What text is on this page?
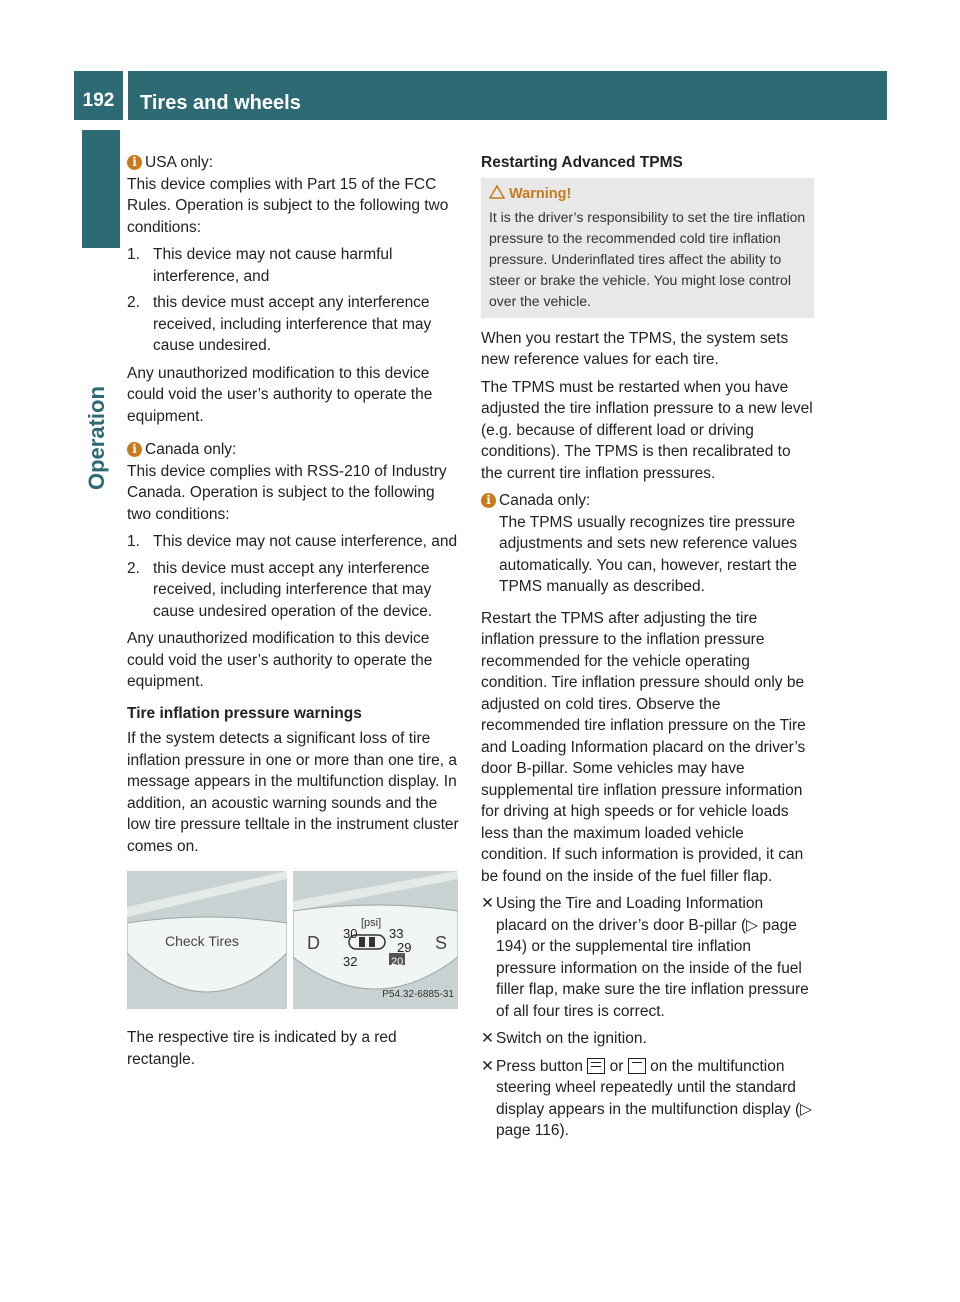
192	Tires and wheels
Operation
i USA only:

This device complies with Part 15 of the FCC Rules. Operation is subject to the following two conditions:

1. This device may not cause harmful interference, and
2. this device must accept any interference received, including interference that may cause undesired.

Any unauthorized modification to this device could void the user’s authority to operate the equipment.

i Canada only:

This device complies with RSS-210 of Industry Canada. Operation is subject to the following two conditions:

1. This device may not cause interference, and
2. this device must accept any interference received, including interference that may cause undesired operation of the device.

Any unauthorized modification to this device could void the user’s authority to operate the equipment.

Tire inflation pressure warnings

If the system detects a significant loss of tire inflation pressure in one or more than one tire, a message appears in the multifunction display. In addition, an acoustic warning sounds and the low tire pressure telltale in the instrument cluster comes on.

Check Tires
[psi]
30 33
29
32	20
D	S
P54.32-6885-31

The respective tire is indicated by a red rectangle.

Restarting Advanced TPMS
Warning!
It is the driver’s responsibility to set the tire inflation pressure to the recommended cold tire inflation pressure. Underinflated tires affect the ability to steer or brake the vehicle. You might lose control over the vehicle.

When you restart the TPMS, the system sets new reference values for each tire.

The TPMS must be restarted when you have adjusted the tire inflation pressure to a new level (e.g. because of different load or driving conditions). The TPMS is then recalibrated to the current tire inflation pressures.

i Canada only:
The TPMS usually recognizes tire pressure adjustments and sets new reference values automatically. You can, however, restart the TPMS manually as described.

Restart the TPMS after adjusting the tire inflation pressure to the inflation pressure recommended for the vehicle operating condition. Tire inflation pressure should only be adjusted on cold tires. Observe the recommended tire inflation pressure on the Tire and Loading Information placard on the driver’s door B-pillar. Some vehicles may have supplemental tire inflation pressure information for driving at high speeds or for vehicle loads less than the maximum loaded vehicle condition. If such information is provided, it can be found on the inside of the fuel filler flap.

✕ Using the Tire and Loading Information placard on the driver’s door B-pillar (▷ page 194) or the supplemental tire inflation pressure information on the inside of the fuel filler flap, make sure the tire inflation pressure of all four tires is correct.
✕ Switch on the ignition.
✕ Press button or on the multifunction steering wheel repeatedly until the standard display appears in the multifunction display (▷ page 116).
